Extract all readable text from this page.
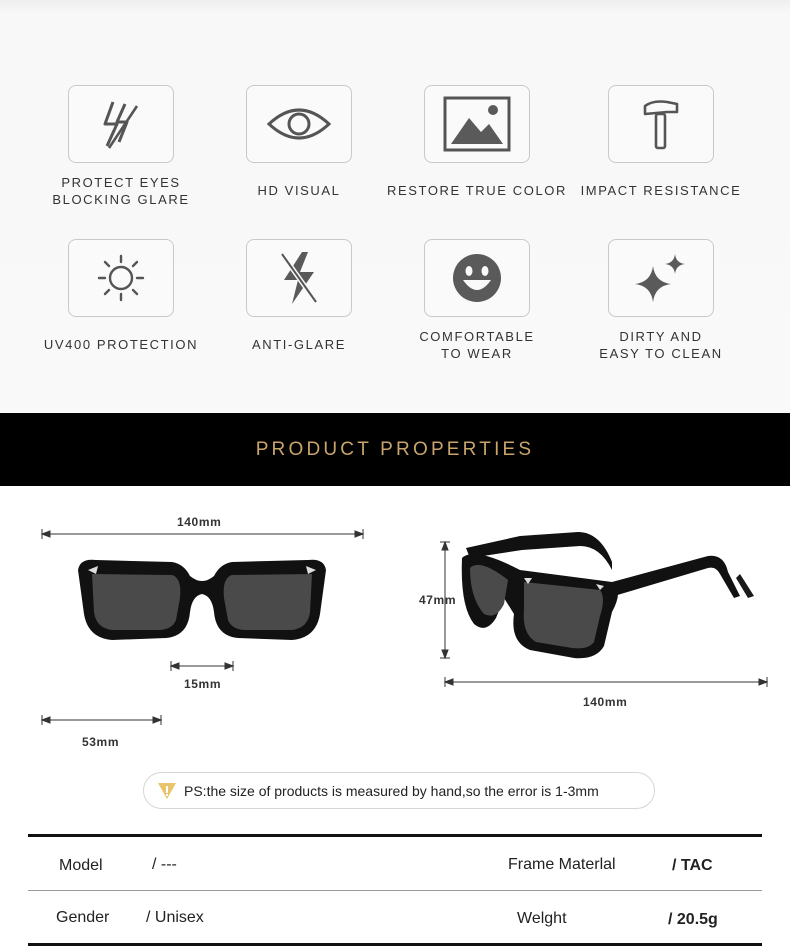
PROTECT EYES
BLOCKING GLARE
HD VISUAL	RESTORE TRUE COLOR	IMPACT RESISTANCE
UV400 PROTECTION	ANTI-GLARE
COMFORTABLE
TO WEAR
DIRTY AND
EASY TO CLEAN
PRODUCT PROPERTIES
140mm
15mm
53mm
47mm
140mm
PS:the size of products is measured by hand,so the error is 1-3mm
Model	/ ---	Frame Materlal	/ TAC
Gender / Unisex	Welght	/ 20.5g
